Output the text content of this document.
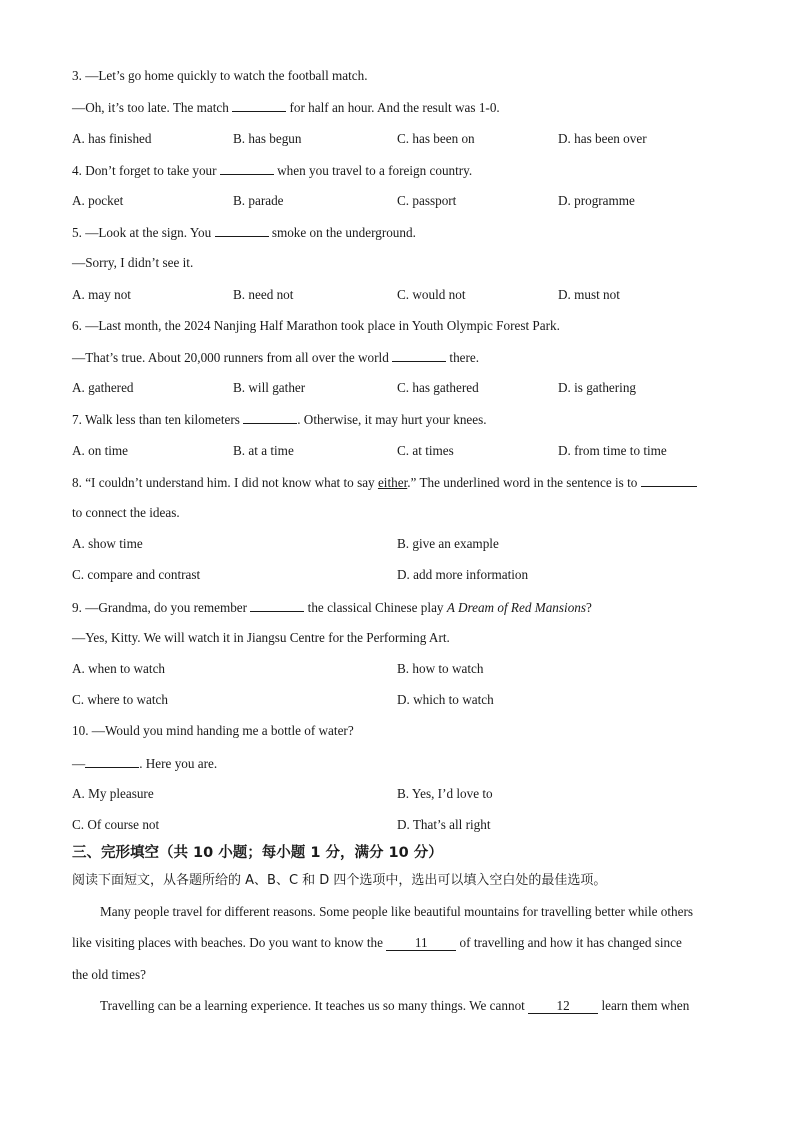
3. —Let’s go home quickly to watch the football match.
—Oh, it’s too late. The match	for half an hour. And the result was 1-0.
A. has finished	B. has begun	C. has been on	D. has been over
4. Don’t forget to take your	when you travel to a foreign country.
A. pocket	B. parade	C. passport	D. programme
5. —Look at the sign. You	smoke on the underground.
—Sorry, I didn’t see it.
A. may not	B. need not	C. would not	D. must not
6. —Last month, the 2024 Nanjing Half Marathon took place in Youth Olympic Forest Park.
—That’s true. About 20,000 runners from all over the world	there.
A. gathered	B. will gather	C. has gathered	D. is gathering
7. Walk less than ten kilometers	. Otherwise, it may hurt your knees.
A. on time	B. at a time	C. at times	D. from time to time
8. “I couldn’t understand him. I did not know what to say either.” The underlined word in the sentence is to
to connect the ideas.
A. show time	B. give an example
C. compare and contrast	D. add more information
9. —Grandma, do you remember	the classical Chinese play A Dream of Red Mansions?
—Yes, Kitty. We will watch it in Jiangsu Centre for the Performing Art.
A. when to watch	B. how to watch
C. where to watch	D. which to watch
10. —Would you mind handing me a bottle of water?
—	. Here you are.
A. My pleasure	B. Yes, I’d love to
C. Of course not	D. That’s all right
三、完形填空（共 10 小题；每小题 1 分，满分 10 分）
阅读下面短文，从各题所给的 A、B、C 和 D 四个选项中，选出可以填入空白处的最佳选项。
Many people travel for different reasons. Some people like beautiful mountains for travelling better while others
like visiting places with beaches. Do you want to know the 11 of travelling and how it has changed since
the old times?
Travelling can be a learning experience. It teaches us so many things. We cannot 12 learn them when
